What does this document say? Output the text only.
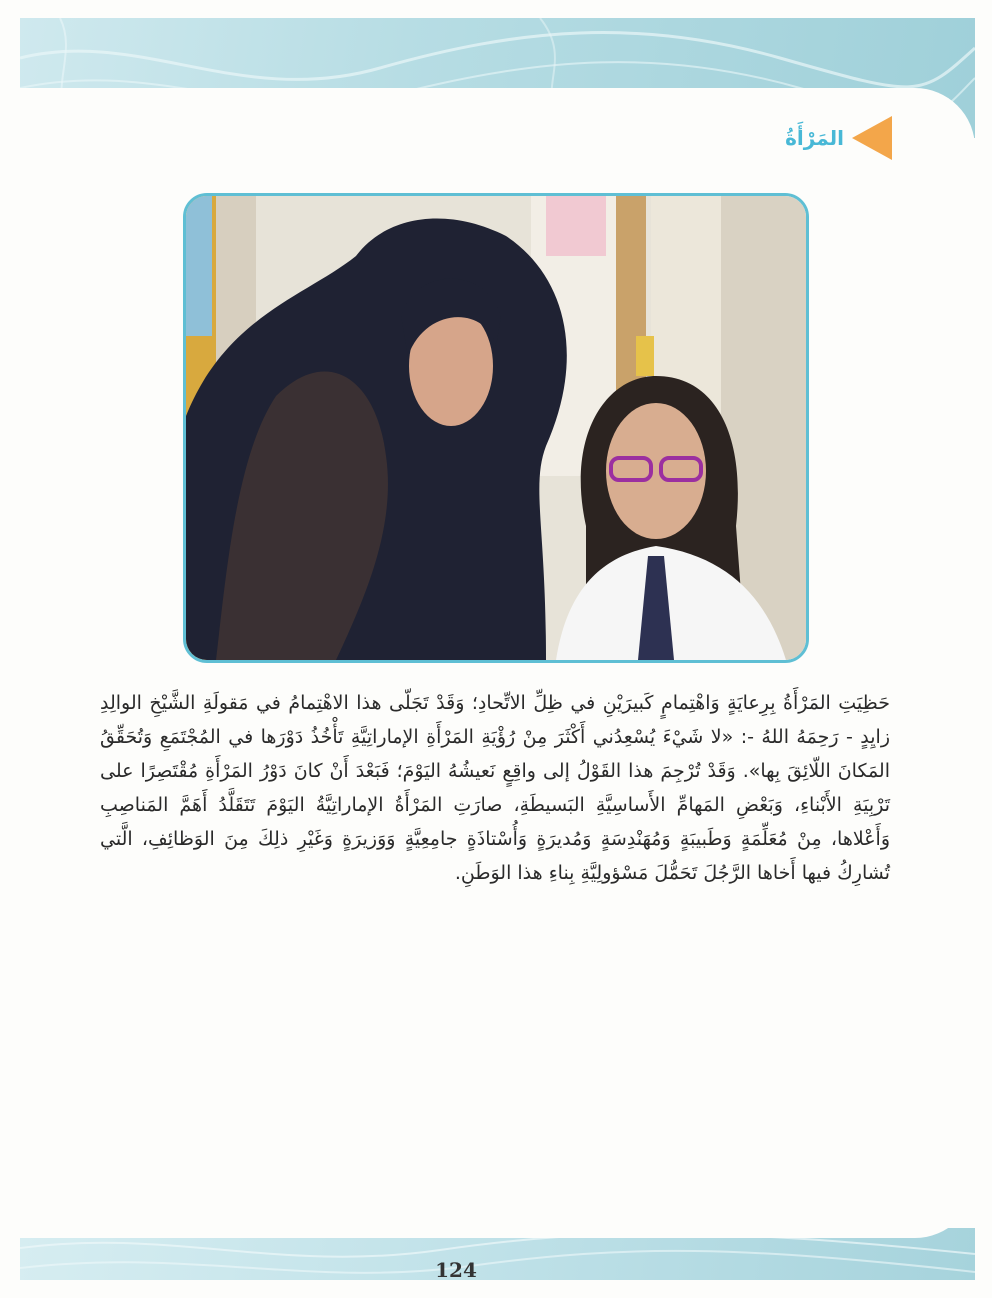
المَرْأَةُ
حَظِيَتِ المَرْأَةُ بِرِعايَةٍ وَاهْتِمامٍ كَبيرَيْنِ في ظِلِّ الاتِّحادِ؛ وَقَدْ تَجَلّى هذا الاهْتِمامُ في مَقولَةِ الشَّيْخِ الوالِدِ زايِدٍ - رَحِمَهُ اللهُ -: «لا شَيْءَ يُسْعِدُني أَكْثَرَ مِنْ رُؤْيَةِ المَرْأَةِ الإماراتِيَّةِ تَأْخُذُ دَوْرَها في المُجْتَمَعِ وَتُحَقِّقُ المَكانَ اللّائِقَ بِها». وَقَدْ تُرْجِمَ هذا القَوْلُ إلى واقِعٍ نَعيشُهُ اليَوْمَ؛ فَبَعْدَ أَنْ كانَ دَوْرُ المَرْأَةِ مُقْتَصِرًا على تَرْبِيَةِ الأَبْناءِ، وَبَعْضِ المَهامِّ الأَساسِيَّةِ البَسيطَةِ، صارَتِ المَرْأَةُ الإماراتِيَّةُ اليَوْمَ تَتَقَلَّدُ أَهَمَّ المَناصِبِ وَأَعْلاها، مِنْ مُعَلِّمَةٍ وَطَبيبَةٍ وَمُهَنْدِسَةٍ وَمُديرَةٍ وَأُسْتاذَةٍ جامِعِيَّةٍ وَوَزيرَةٍ وَغَيْرِ ذلِكَ مِنَ الوَظائِفِ، الَّتي تُشارِكُ فيها أَخاها الرَّجُلَ تَحَمُّلَ مَسْؤولِيَّةِ بِناءِ هذا الوَطَنِ.
124
